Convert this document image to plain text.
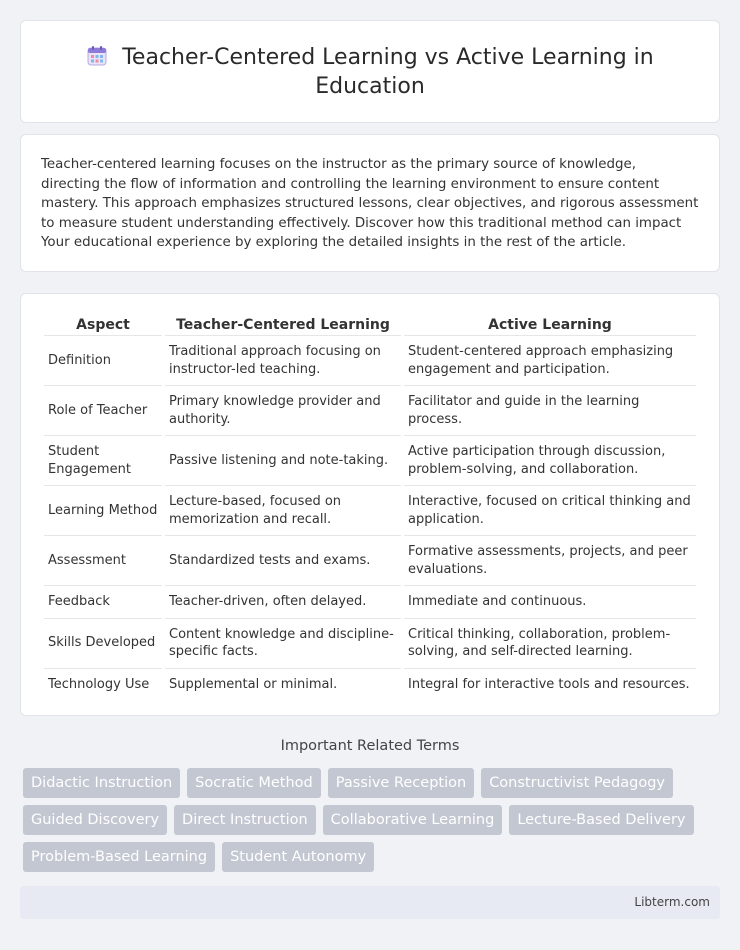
Teacher-Centered Learning vs Active Learning in Education

Teacher-centered learning focuses on the instructor as the primary source of knowledge, directing the flow of information and controlling the learning environment to ensure content mastery. This approach emphasizes structured lessons, clear objectives, and rigorous assessment to measure student understanding effectively. Discover how this traditional method can impact Your educational experience by exploring the detailed insights in the rest of the article.

Aspect	Teacher-Centered Learning	Active Learning
Definition	Traditional approach focusing on instructor-led teaching.	Student-centered approach emphasizing engagement and participation.
Role of Teacher	Primary knowledge provider and authority.	Facilitator and guide in the learning process.
Student Engagement	Passive listening and note-taking.	Active participation through discussion, problem-solving, and collaboration.
Learning Method	Lecture-based, focused on memorization and recall.	Interactive, focused on critical thinking and application.
Assessment	Standardized tests and exams.	Formative assessments, projects, and peer evaluations.
Feedback	Teacher-driven, often delayed.	Immediate and continuous.
Skills Developed	Content knowledge and discipline-specific facts.	Critical thinking, collaboration, problem-solving, and self-directed learning.
Technology Use	Supplemental or minimal.	Integral for interactive tools and resources.
Important Related Terms
Didactic Instruction	Socratic Method	Passive Reception	Constructivist Pedagogy
Guided Discovery	Direct Instruction	Collaborative Learning	Lecture-Based Delivery
Problem-Based Learning	Student Autonomy
Libterm.com
